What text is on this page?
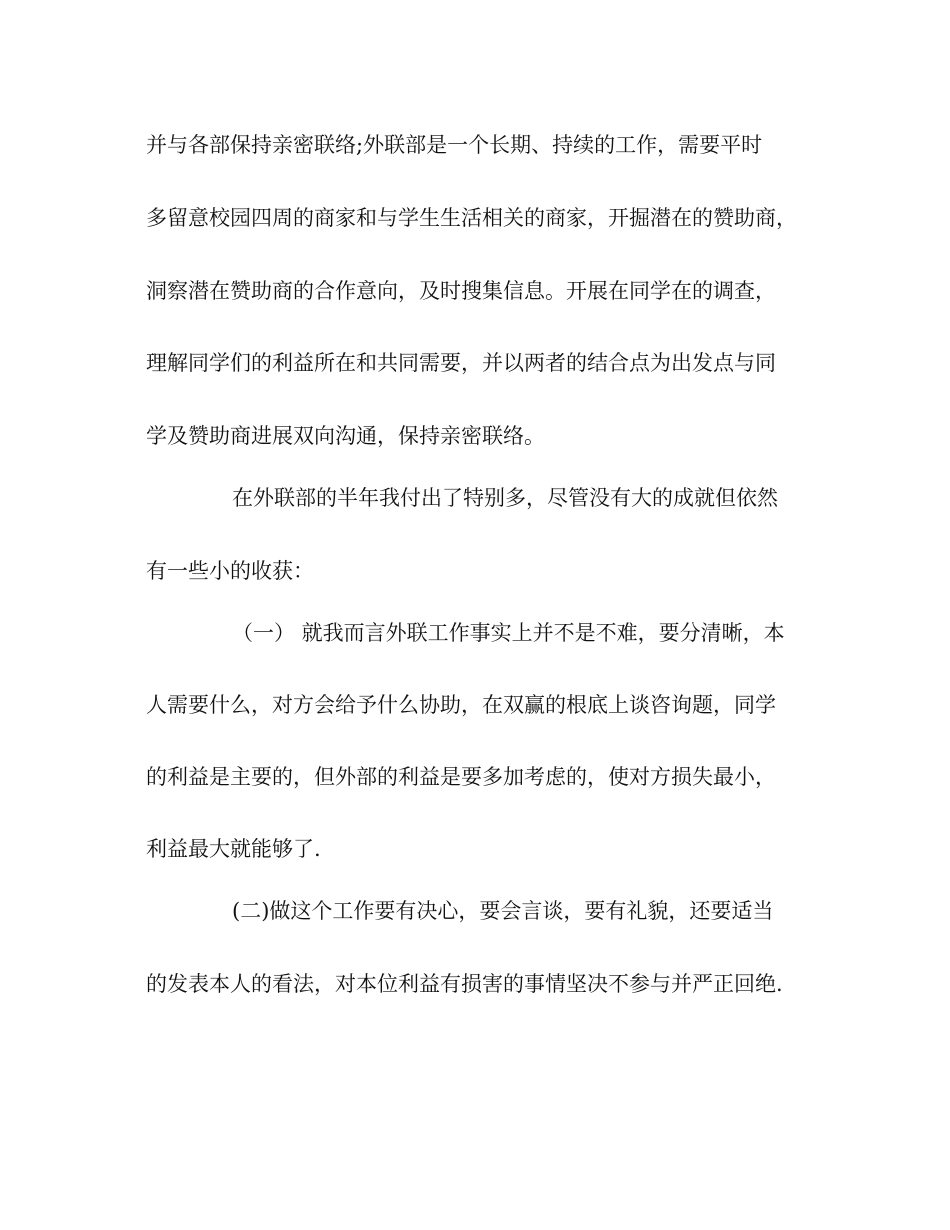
并与各部保持亲密联络;外联部是一个长期、持续的工作，需要平时

多留意校园四周的商家和与学生生活相关的商家，开掘潜在的赞助商，

洞察潜在赞助商的合作意向，及时搜集信息。开展在同学在的调查，

理解同学们的利益所在和共同需要，并以两者的结合点为出发点与同

学及赞助商进展双向沟通，保持亲密联络。

在外联部的半年我付出了特别多，尽管没有大的成就但依然

有一些小的收获：

（一） 就我而言外联工作事实上并不是不难，要分清晰，本

人需要什么，对方会给予什么协助，在双赢的根底上谈咨询题，同学

的利益是主要的，但外部的利益是要多加考虑的，使对方损失最小，

利益最大就能够了.

(二)做这个工作要有决心，要会言谈，要有礼貌，还要适当

的发表本人的看法，对本位利益有损害的事情坚决不参与并严正回绝.
